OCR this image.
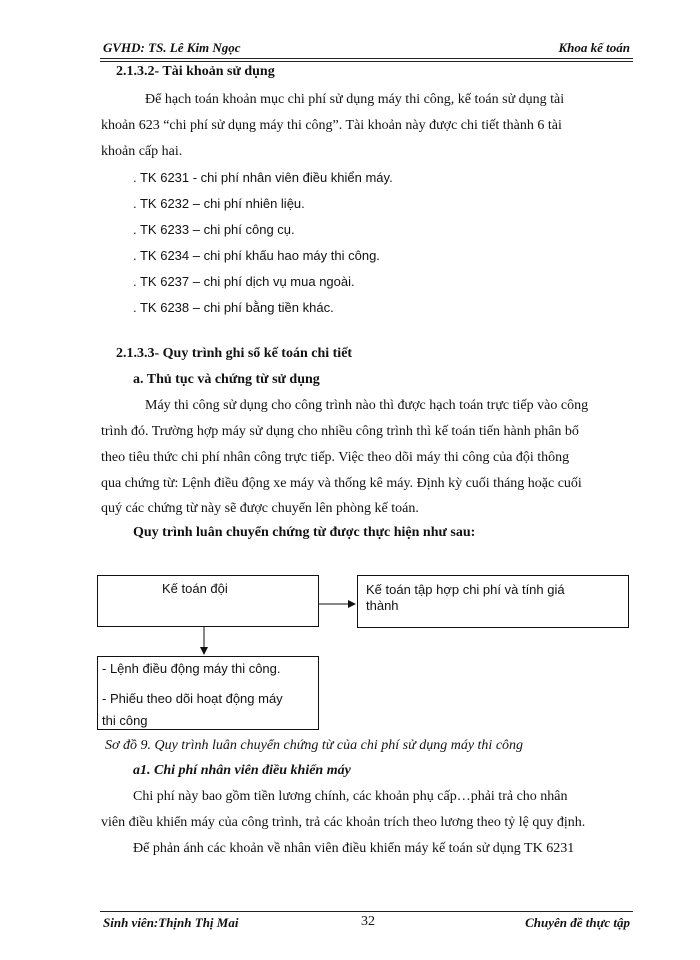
GVHD: TS. Lê Kim Ngọc	Khoa kế toán
2.1.3.2- Tài khoản sử dụng
Để hạch toán khoản mục chi phí sử dụng máy thi công, kế toán sử dụng tài
khoản 623 “chi phí sử dụng máy thi công”. Tài khoản này được chi tiết thành 6 tài
khoản cấp hai.
. TK 6231 - chi phí nhân viên điều khiển máy.
. TK 6232 – chi phí nhiên liệu.
. TK 6233 – chi phí công cụ.
. TK 6234 – chi phí khấu hao máy thi công.
. TK 6237 – chi phí dịch vụ mua ngoài.
. TK 6238 – chi phí bằng tiền khác.
2.1.3.3- Quy trình ghi sổ kế toán chi tiết
a. Thủ tục và chứng từ sử dụng
Máy thi công sử dụng cho công trình nào thì được hạch toán trực tiếp vào công
trình đó. Trường hợp máy sử dụng cho nhiều công trình thì kế toán tiến hành phân bổ
theo tiêu thức chi phí nhân công trực tiếp. Việc theo dõi máy thi công của đội thông
qua chứng từ: Lệnh điều động xe máy và thống kê máy. Định kỳ cuối tháng hoặc cuối
quý các chứng từ này sẽ được chuyển lên phòng kế toán.
Quy trình luân chuyển chứng từ được thực hiện như sau:
Kế toán đội	Kế toán tập hợp chi phí và tính giá
thành
- Lệnh điều động máy thi công.
- Phiếu theo dõi hoạt động máy
thi công
Sơ đồ 9. Quy trình luân chuyển chứng từ của chi phí sử dụng máy thi công
a1. Chi phí nhân viên điều khiển máy
Chi phí này bao gồm tiền lương chính, các khoản phụ cấp…phải trả cho nhân
viên điều khiển máy của công trình, trả các khoản trích theo lương theo tỷ lệ quy định.
Để phản ánh các khoản về nhân viên điều khiển máy kế toán sử dụng TK 6231
Sinh viên:Thịnh Thị Mai	32	Chuyên đề thực tập
